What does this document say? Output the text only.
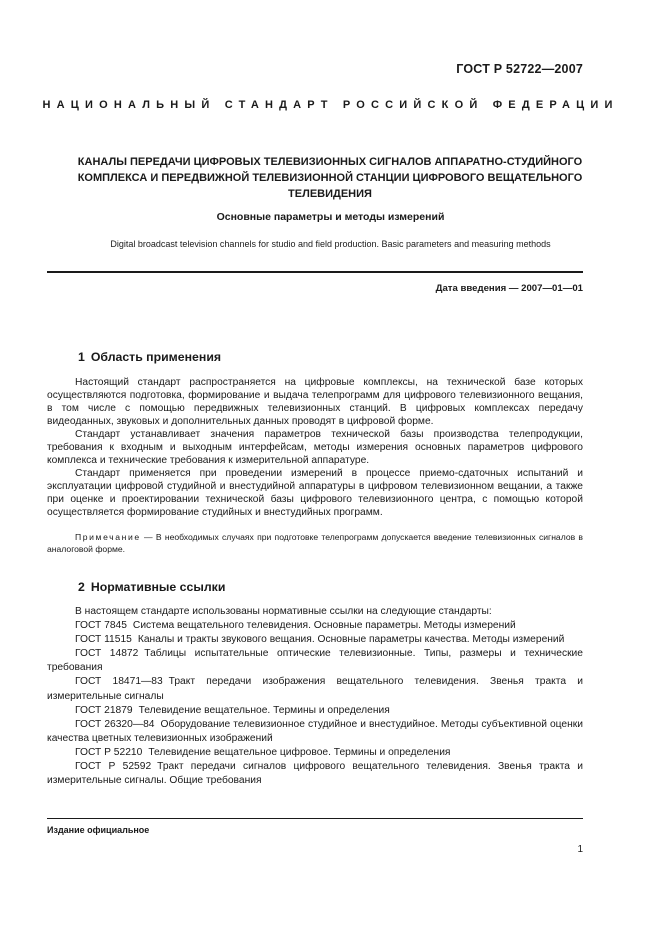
ГОСТ Р 52722—2007
НАЦИОНАЛЬНЫЙ СТАНДАРТ РОССИЙСКОЙ ФЕДЕРАЦИИ
КАНАЛЫ ПЕРЕДАЧИ ЦИФРОВЫХ ТЕЛЕВИЗИОННЫХ СИГНАЛОВ АППАРАТНО-СТУДИЙНОГО КОМПЛЕКСА И ПЕРЕДВИЖНОЙ ТЕЛЕВИЗИОННОЙ СТАНЦИИ ЦИФРОВОГО ВЕЩАТЕЛЬНОГО ТЕЛЕВИДЕНИЯ
Основные параметры и методы измерений
Digital broadcast television channels for studio and field production. Basic parameters and measuring methods
Дата введения — 2007—01—01
1 Область применения

Настоящий стандарт распространяется на цифровые комплексы, на технической базе которых осуществляются подготовка, формирование и выдача телепрограмм для цифрового телевизионного вещания, в том числе с помощью передвижных телевизионных станций. В цифровых комплексах передачу видеоданных, звуковых и дополнительных данных проводят в цифровой форме.

Стандарт устанавливает значения параметров технической базы производства телепродукции, требования к входным и выходным интерфейсам, методы измерения основных параметров цифрового комплекса и технические требования к измерительной аппаратуре.

Стандарт применяется при проведении измерений в процессе приемо-сдаточных испытаний и эксплуатации цифровой студийной и внестудийной аппаратуры в цифровом телевизионном вещании, а также при оценке и проектировании технической базы цифрового телевизионного центра, с помощью которой осуществляется формирование студийных и внестудийных программ.

Примечание — В необходимых случаях при подготовке телепрограмм допускается введение телевизионных сигналов в аналоговой форме.

2 Нормативные ссылки
В настоящем стандарте использованы нормативные ссылки на следующие стандарты:
ГОСТ 7845 Система вещательного телевидения. Основные параметры. Методы измерений
ГОСТ 11515 Каналы и тракты звукового вещания. Основные параметры качества. Методы измерений
ГОСТ 14872 Таблицы испытательные оптические телевизионные. Типы, размеры и технические требования
ГОСТ 18471—83 Тракт передачи изображения вещательного телевидения. Звенья тракта и измерительные сигналы
ГОСТ 21879 Телевидение вещательное. Термины и определения
ГОСТ 26320—84 Оборудование телевизионное студийное и внестудийное. Методы субъективной оценки качества цветных телевизионных изображений
ГОСТ Р 52210 Телевидение вещательное цифровое. Термины и определения
ГОСТ Р 52592 Тракт передачи сигналов цифрового вещательного телевидения. Звенья тракта и измерительные сигналы. Общие требования
Издание официальное
1
